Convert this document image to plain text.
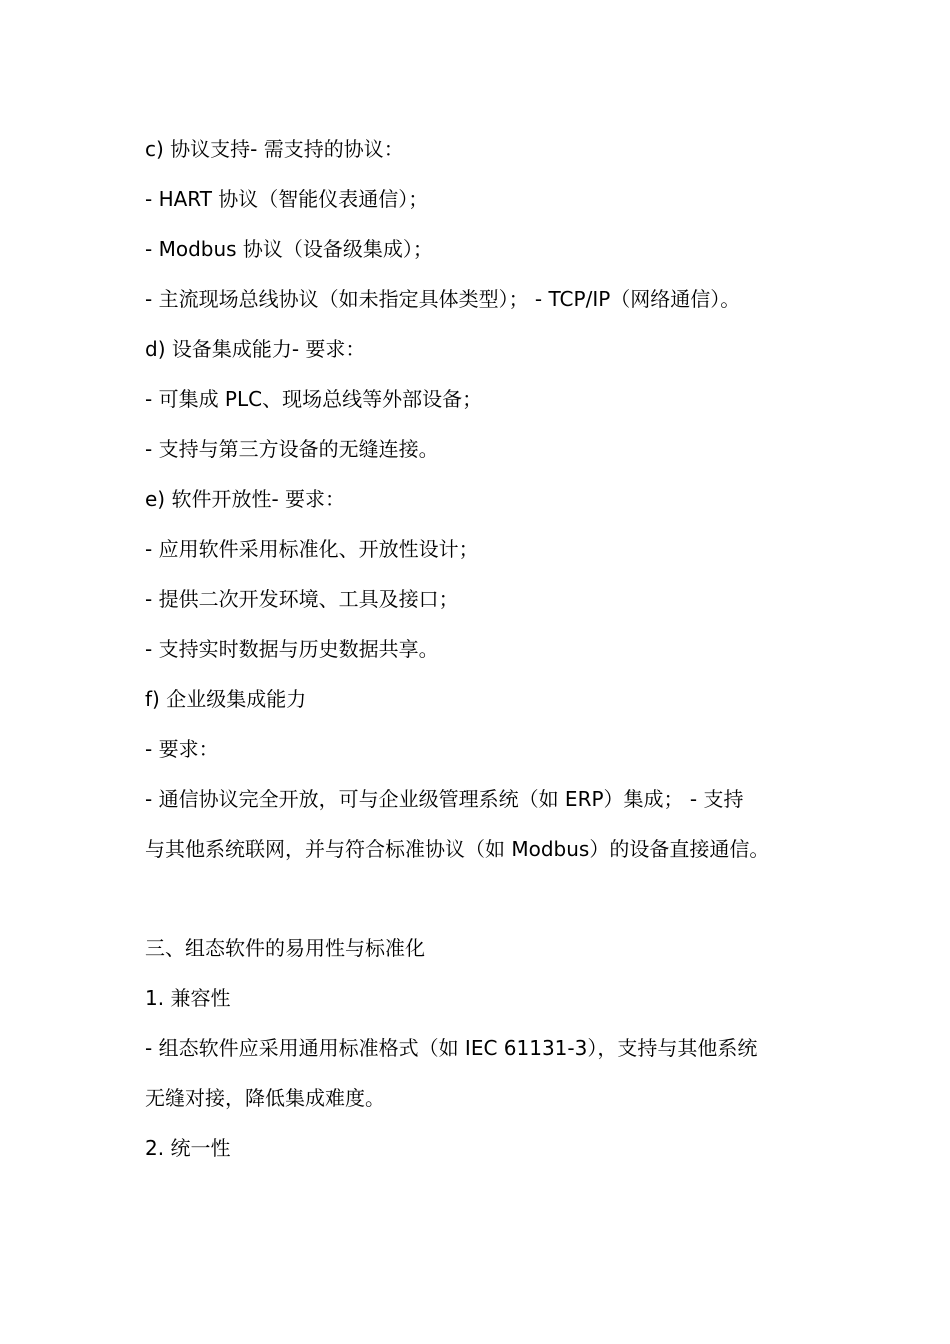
c) 协议支持- 需支持的协议：
- HART 协议（智能仪表通信）；
- Modbus 协议（设备级集成）；
- 主流现场总线协议（如未指定具体类型）； - TCP/IP（网络通信）。
d) 设备集成能力- 要求：
- 可集成 PLC、现场总线等外部设备；
- 支持与第三方设备的无缝连接。
e) 软件开放性- 要求：
- 应用软件采用标准化、开放性设计；
- 提供二次开发环境、工具及接口；
- 支持实时数据与历史数据共享。
f) 企业级集成能力
- 要求：
- 通信协议完全开放，可与企业级管理系统（如 ERP）集成； - 支持
与其他系统联网，并与符合标准协议（如 Modbus）的设备直接通信。
三、组态软件的易用性与标准化
1. 兼容性
- 组态软件应采用通用标准格式（如 IEC 61131-3），支持与其他系统
无缝对接，降低集成难度。
2. 统一性
